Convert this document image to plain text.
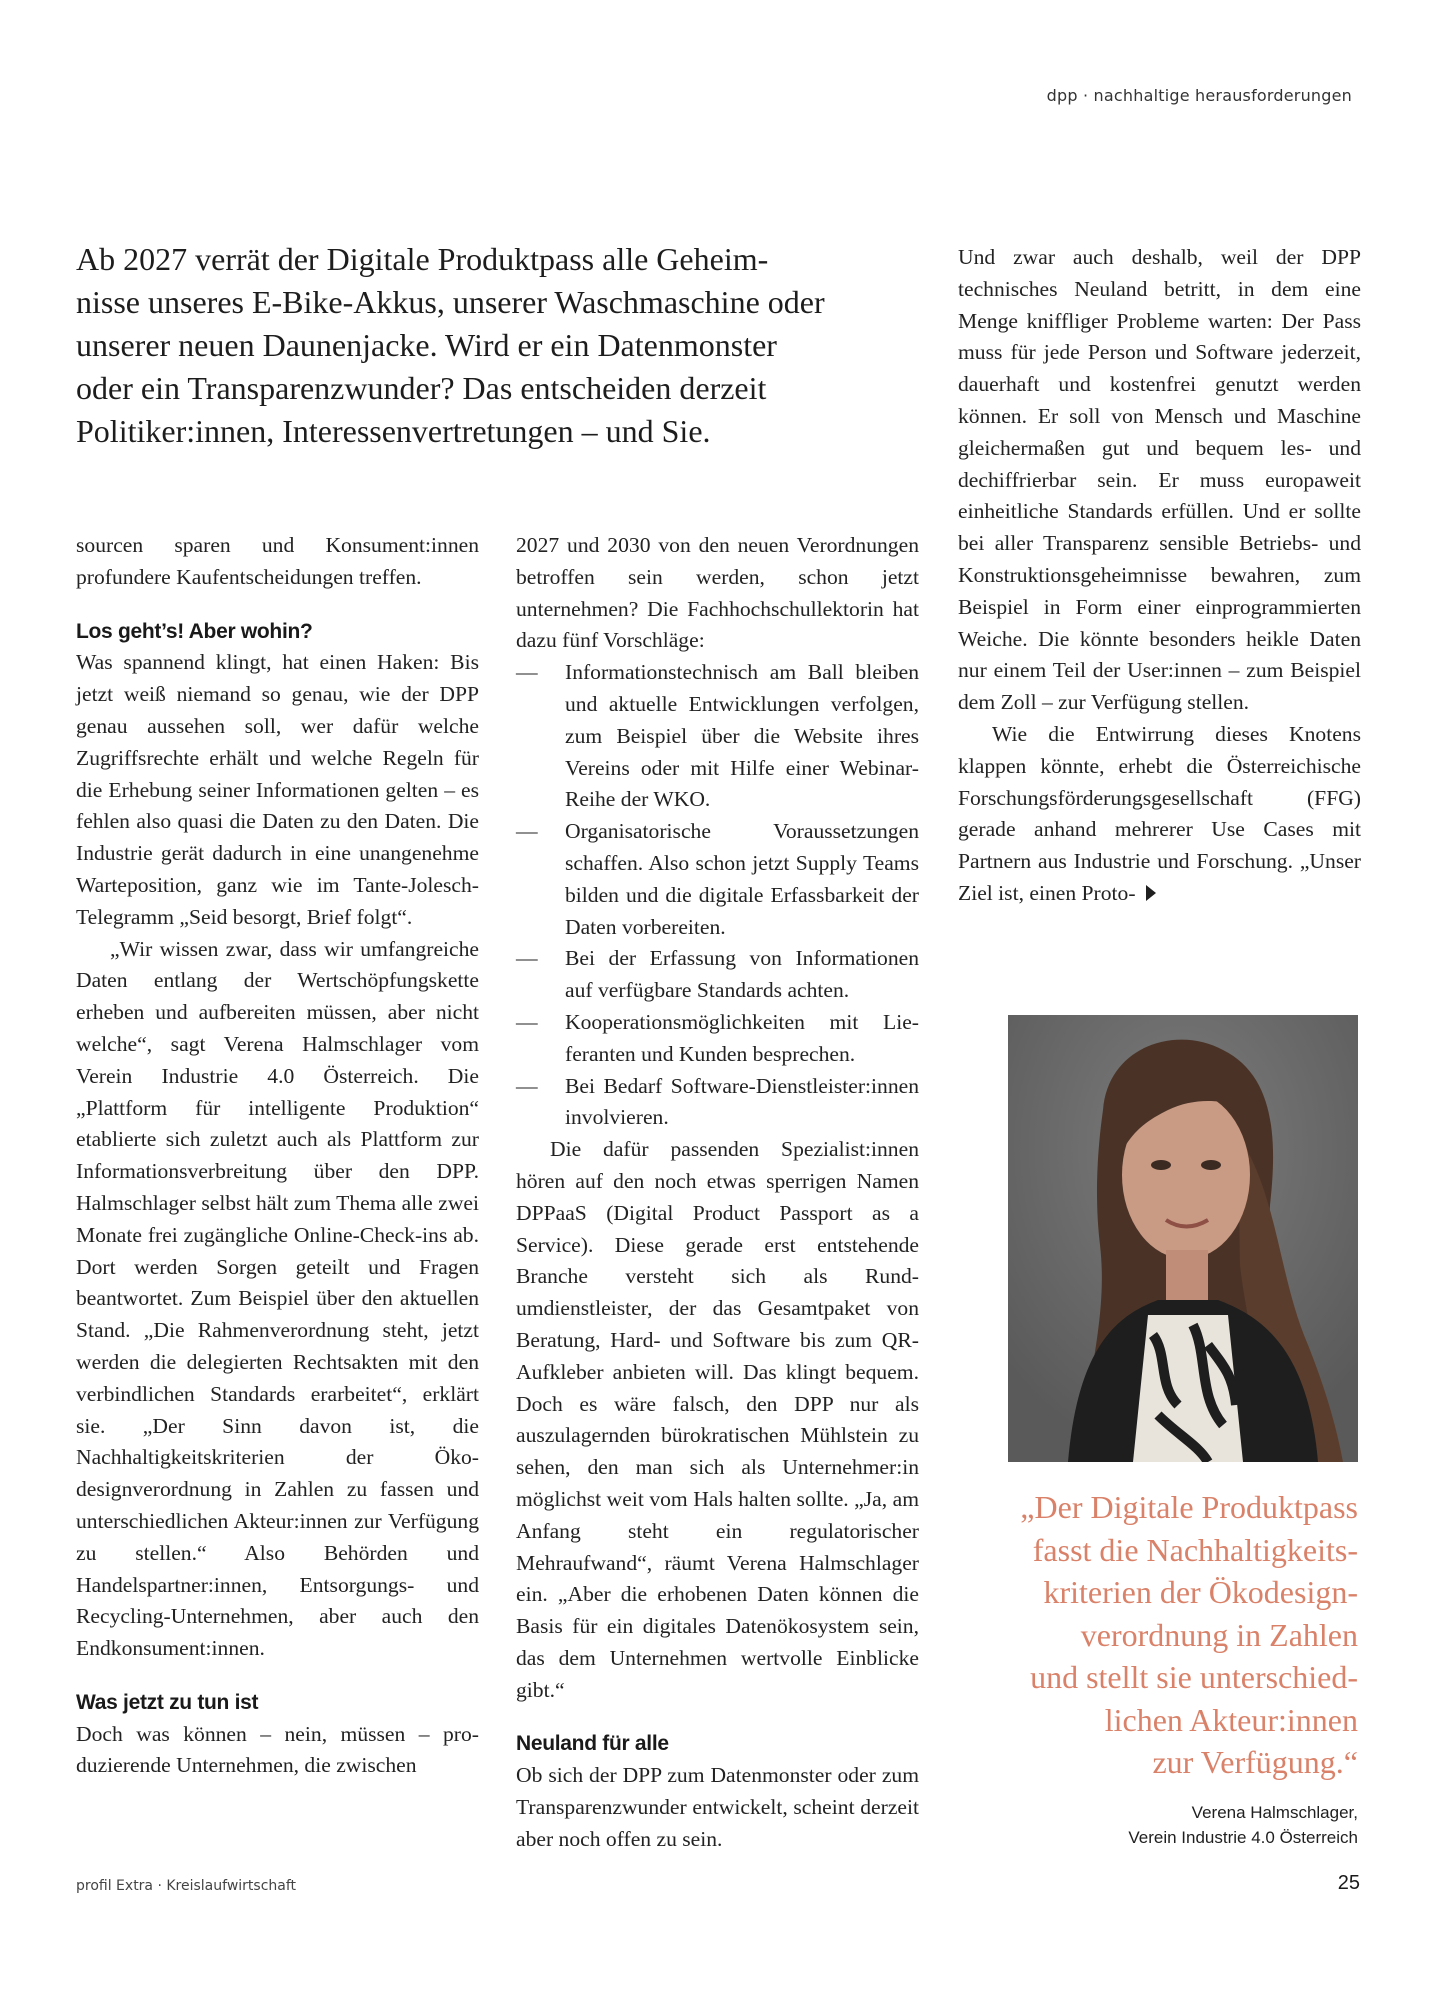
dpp · nachhaltige herausforderungen

Ab 2027 verrät der Digitale Produktpass alle Geheim-

nisse unseres E-Bike-Akkus, unserer Waschmaschine oder

unserer neuen Daunenjacke. Wird er ein Datenmonster

oder ein Transparenzwunder? Das entscheiden derzeit

Politiker:innen, Interessenvertretungen – und Sie.

sourcen sparen und Konsument:innen profundere Kaufentscheidungen treffen.

Los geht’s! Aber wohin?

Was spannend klingt, hat einen Haken: Bis jetzt weiß niemand so genau, wie der DPP genau aussehen soll, wer dafür welche Zugriffsrechte erhält und welche Regeln für die Erhebung seiner Informationen gelten – es fehlen also quasi die Daten zu den Daten. Die Industrie gerät dadurch in eine unangenehme Warteposition, ganz wie im Tante-Jolesch-Telegramm „Seid besorgt, Brief folgt“.

„Wir wissen zwar, dass wir umfangreiche Daten entlang der Wertschöpfungskette erheben und aufbereiten müssen, aber nicht welche“, sagt Verena Halmschlager vom Verein Industrie 4.0 Österreich. Die „Plattform für intelligente Produktion“ etablierte sich zuletzt auch als Plattform zur Informationsverbreitung über den DPP. Halmschlager selbst hält zum Thema alle zwei Monate frei zugängliche Online-Check-ins ab. Dort werden Sorgen geteilt und Fragen beantwortet. Zum Beispiel über den aktuellen Stand. „Die Rahmenverordnung steht, jetzt werden die delegierten Rechtsakten mit den verbindlichen Standards erarbeitet“, erklärt sie. „Der Sinn davon ist, die Nachhaltigkeitskriterien der Ökodesignverordnung in Zahlen zu fassen und unterschiedlichen Akteur:innen zur Verfügung zu stellen.“ Also Behörden und Handelspartner:innen, Entsorgungs- und Recycling-Unternehmen, aber auch den Endkonsument:innen.

Was jetzt zu tun ist

Doch was können – nein, müssen – produzierende Unternehmen, die zwischen

2027 und 2030 von den neuen Verordnungen betroffen sein werden, schon jetzt unternehmen? Die Fachhochschullektorin hat dazu fünf Vorschläge:

— Informationstechnisch am Ball bleiben und aktuelle Entwicklungen verfolgen, zum Beispiel über die Website ihres Vereins oder mit Hilfe einer Webinar-Reihe der WKO.
— Organisatorische Voraussetzungen schaffen. Also schon jetzt Supply Teams bilden und die digitale Erfassbarkeit der Daten vorbereiten.
— Bei der Erfassung von Informationen auf verfügbare Standards achten.
— Kooperationsmöglichkeiten mit Lieferanten und Kunden besprechen.
— Bei Bedarf Software-Dienstleister:innen involvieren.

Die dafür passenden Spezialist:innen hören auf den noch etwas sperrigen Namen DPPaaS (Digital Product Passport as a Service). Diese gerade erst entstehende Branche versteht sich als Rundumdienstleister, der das Gesamtpaket von Beratung, Hard- und Software bis zum QR-Aufkleber anbieten will. Das klingt bequem. Doch es wäre falsch, den DPP nur als auszulagernden bürokratischen Mühlstein zu sehen, den man sich als Unternehmer:in möglichst weit vom Hals halten sollte. „Ja, am Anfang steht ein regulatorischer Mehraufwand“, räumt Verena Halmschlager ein. „Aber die erhobenen Daten können die Basis für ein digitales Datenökosystem sein, das dem Unternehmen wertvolle Einblicke gibt.“

Neuland für alle

Ob sich der DPP zum Datenmonster oder zum Transparenzwunder entwickelt, scheint derzeit aber noch offen zu sein.

Und zwar auch deshalb, weil der DPP technisches Neuland betritt, in dem eine Menge kniffliger Probleme warten: Der Pass muss für jede Person und Software jederzeit, dauerhaft und kostenfrei genutzt werden können. Er soll von Mensch und Maschine gleichermaßen gut und bequem les- und dechiffrierbar sein. Er muss europaweit einheitliche Standards erfüllen. Und er sollte bei aller Transparenz sensible Betriebs- und Konstruktionsgeheimnisse bewahren, zum Beispiel in Form einer einprogrammierten Weiche. Die könnte besonders heikle Daten nur einem Teil der User:innen – zum Beispiel dem Zoll – zur Verfügung stellen.

Wie die Entwirrung dieses Knotens klappen könnte, erhebt die Österreichische Forschungsförderungsgesellschaft (FFG) gerade anhand mehrerer Use Cases mit Partnern aus Industrie und Forschung. „Unser Ziel ist, einen Proto-

„Der Digitale Produktpass

fasst die Nachhaltigkeits-

kriterien der Ökodesign-

verordnung in Zahlen

und stellt sie unterschied-

lichen Akteur:innen

zur Verfügung.“

Verena Halmschlager,
Verein Industrie 4.0 Österreich
profil Extra · Kreislaufwirtschaft	25
